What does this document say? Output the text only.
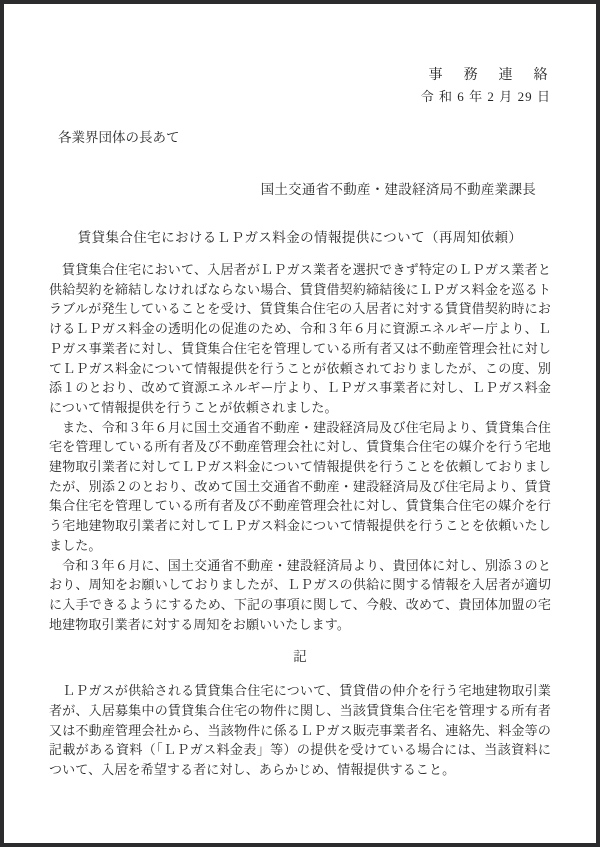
事　務　連　絡
令 和 6 年 2 月 29 日
各業界団体の長あて
国土交通省不動産・建設経済局不動産業課長
賃貸集合住宅におけるＬＰガス料金の情報提供について（再周知依頼）

賃貸集合住宅において、入居者がＬＰガス業者を選択できず特定のＬＰガス業者と供給契約を締結しなければならない場合、賃貸借契約締結後にＬＰガス料金を巡るトラブルが発生していることを受け、賃貸集合住宅の入居者に対する賃貸借契約時におけるＬＰガス料金の透明化の促進のため、令和３年６月に資源エネルギー庁より、ＬＰガス事業者に対し、賃貸集合住宅を管理している所有者又は不動産管理会社に対してＬＰガス料金について情報提供を行うことが依頼されておりましたが、この度、別添１のとおり、改めて資源エネルギー庁より、ＬＰガス事業者に対し、ＬＰガス料金について情報提供を行うことが依頼されました。

また、令和３年６月に国土交通省不動産・建設経済局及び住宅局より、賃貸集合住宅を管理している所有者及び不動産管理会社に対し、賃貸集合住宅の媒介を行う宅地建物取引業者に対してＬＰガス料金について情報提供を行うことを依頼しておりましたが、別添２のとおり、改めて国土交通省不動産・建設経済局及び住宅局より、賃貸集合住宅を管理している所有者及び不動産管理会社に対し、賃貸集合住宅の媒介を行う宅地建物取引業者に対してＬＰガス料金について情報提供を行うことを依頼いたしました。

令和３年６月に、国土交通省不動産・建設経済局より、貴団体に対し、別添３のとおり、周知をお願いしておりましたが、ＬＰガスの供給に関する情報を入居者が適切に入手できるようにするため、下記の事項に関して、今般、改めて、貴団体加盟の宅地建物取引業者に対する周知をお願いいたします。

記

ＬＰガスが供給される賃貸集合住宅について、賃貸借の仲介を行う宅地建物取引業者が、入居募集中の賃貸集合住宅の物件に関し、当該賃貸集合住宅を管理する所有者又は不動産管理会社から、当該物件に係るＬＰガス販売事業者名、連絡先、料金等の記載がある資料（「ＬＰガス料金表」等）の提供を受けている場合には、当該資料について、入居を希望する者に対し、あらかじめ、情報提供すること。
